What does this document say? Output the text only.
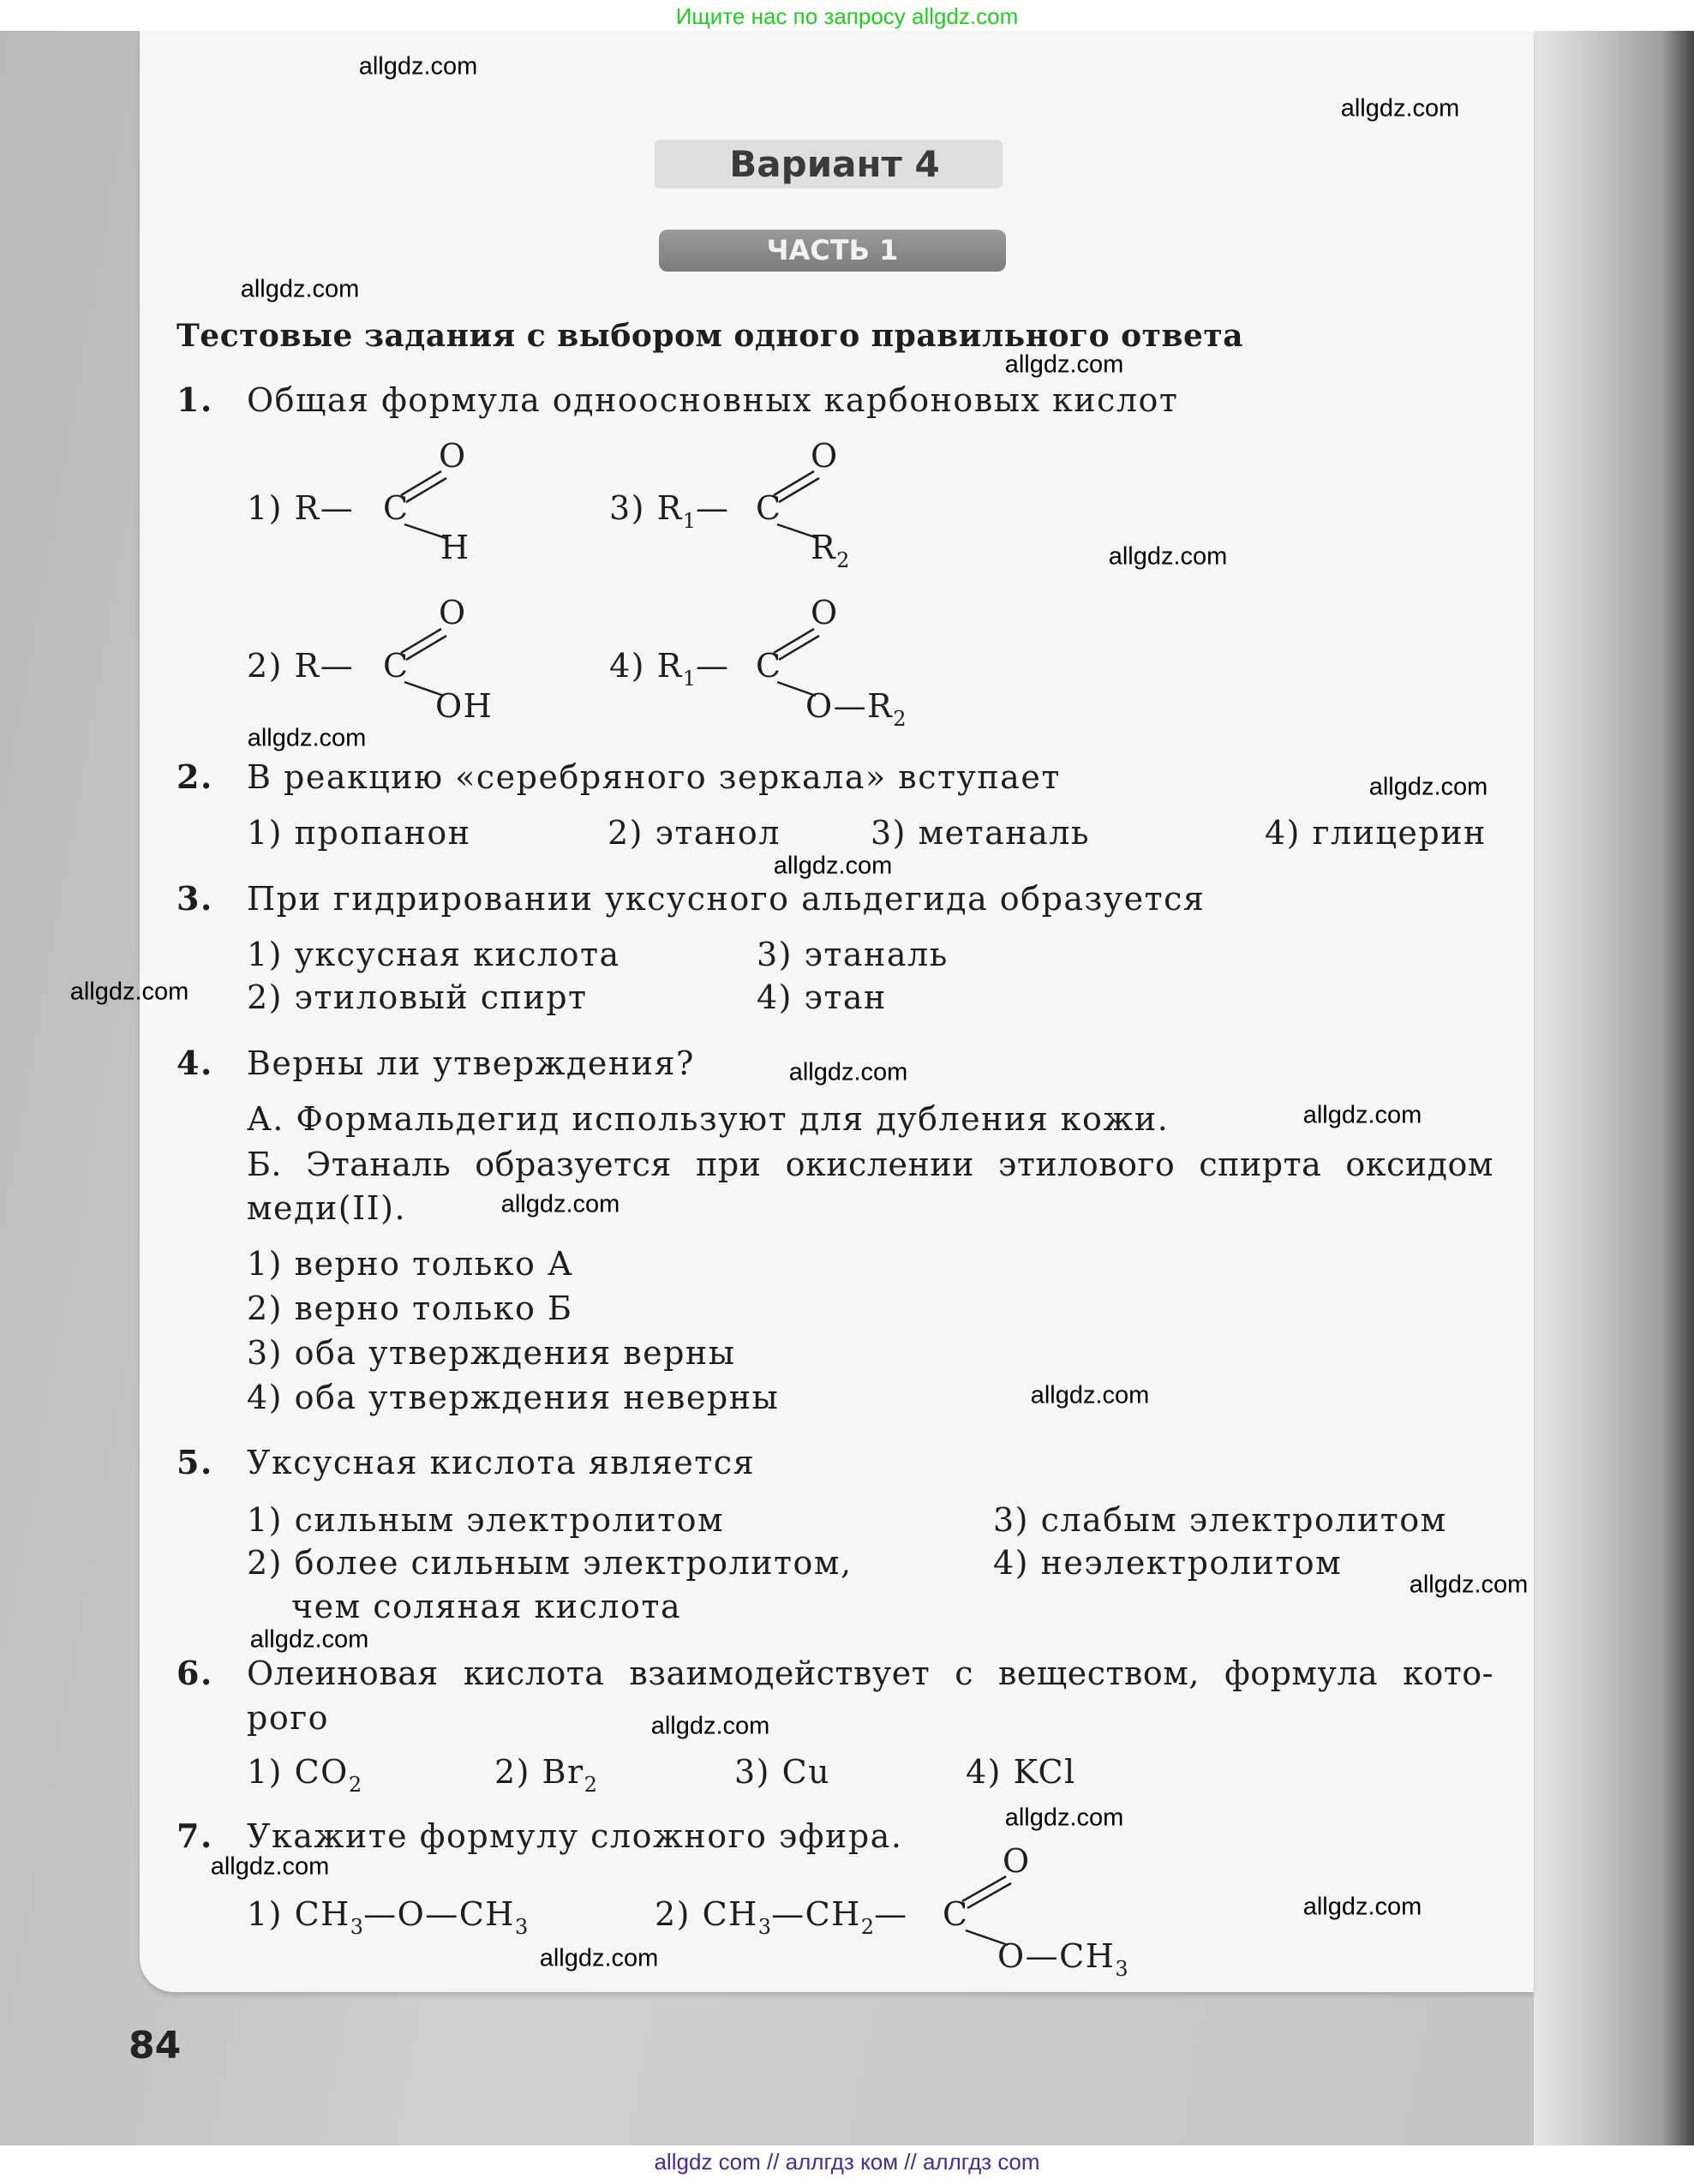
Ищите нас по запросу allgdz.com
Вариант 4
ЧАСТЬ 1
Тестовые задания с выбором одного правильного ответа
1. Общая формула одноосновных карбоновых кислот
1) R— C
O
H
3) $R_1—$ C
O
$R_2$
2) R— C
O
OH
4) $R_1—$ C
O
$O—R_2$
2. В реакцию «серебряного зеркала» вступает
1) пропанон	2) этанол	3) метаналь	4) глицерин
3. При гидрировании уксусного альдегида образуется
1) уксусная кислота	3) этаналь
2) этиловый спирт	4) этан
4. Верны ли утверждения?
А. Формальдегид используют для дубления кожи.
Б. Этаналь образуется при окислении этилового спирта оксидом
меди(II).
1) верно только А
2) верно только Б
3) оба утверждения верны
4) оба утверждения неверны
5. Уксусная кислота является
1) сильным электролитом	3) слабым электролитом
2) более сильным электролитом,	4) неэлектролитом
чем соляная кислота
6. Олеиновая кислота взаимодействует с веществом, формула кото-
рого
1) $CO_2$	2) $Br_2$	3) Cu	4) KCl
7. Укажите формулу сложного эфира.
1) $CH_3—O—CH_3$	2) $CH_3—CH_2—$ C
O
$O—CH_3$
84
allgdz.com
allgdz.com
allgdz.com
allgdz.com
allgdz.com
allgdz.com
allgdz.com
allgdz.com
allgdz.com
allgdz.com
allgdz.com
allgdz.com
allgdz.com
allgdz.com
allgdz.com
allgdz.com
allgdz.com
allgdz.com
allgdz.com
allgdz.com
allgdz com // аллгдз ком // аллгдз com
